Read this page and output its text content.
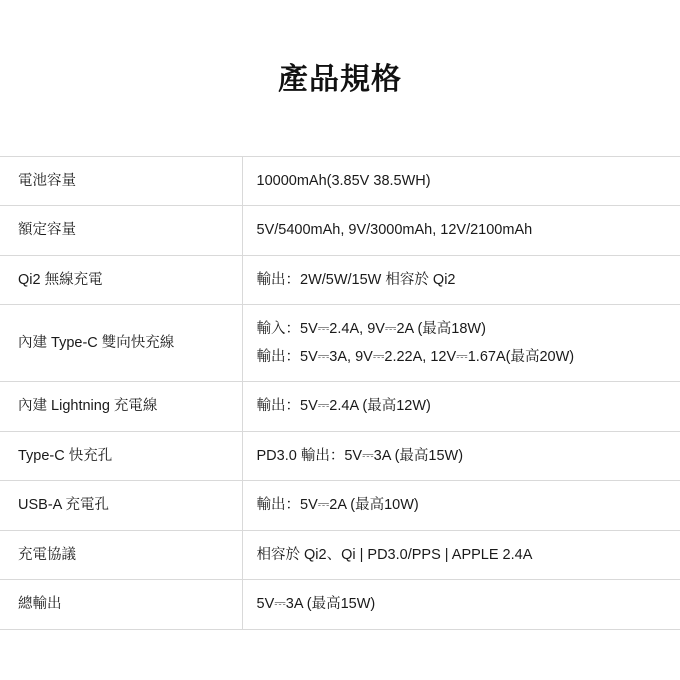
產品規格
電池容量	10000mAh(3.85V 38.5WH)

額定容量	5V/5400mAh, 9V/3000mAh, 12V/2100mAh

Qi2 無線充電	輸出：2W/5W/15W 相容於 Qi2

內建 Type-C 雙向快充線	輸入：5V⎓2.4A, 9V⎓2A (最高18W)
輸出：5V⎓3A, 9V⎓2.22A, 12V⎓1.67A(最高20W)

內建 Lightning 充電線	輸出：5V⎓2.4A (最高12W)

Type-C 快充孔	PD3.0 輸出：5V⎓3A (最高15W)

USB-A 充電孔	輸出：5V⎓2A (最高10W)

充電協議	相容於 Qi2、Qi | PD3.0/PPS | APPLE 2.4A

總輸出	5V⎓3A (最高15W)
